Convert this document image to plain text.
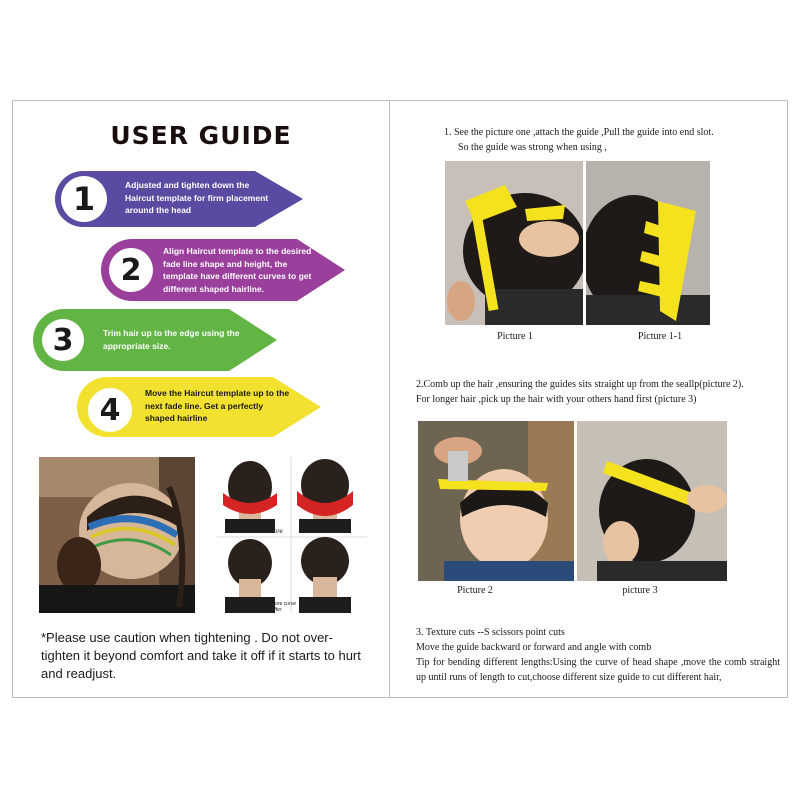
USER GUIDE
1	Adjusted and tighten down the Haircut template for firm placement around the head
2
Align Haircut template to the desired fade line shape and height, the template have different curves to get different shaped hairline.
3	Trim hair up to the edge using the appropriate size.
4	Move the Haircut template up to the next fade line. Get a perfectly shaped hairline
Before
More curve After
*Please use caution when tightening . Do not over-tighten it beyond comfort and take it off if it starts to hurt and readjust.
1. See the picture one ,attach the guide ,Pull the guide into end slot.
So the guide was strong when using ,
Picture 1	Picture 1-1
2.Comb up the hair ,ensuring the guides sits straight up from the seallp(picture 2).
For longer hair ,pick up the hair with your others hand first (picture 3)
Picture 2	picture 3
3. Texture cuts --S scissors point cuts
Move the guide backward or forward and angle with comb
Tip for bending different lengths:Using the curve of head shape ,move the comb straight up until runs of length to cut,choose different size guide to cut different hair,
